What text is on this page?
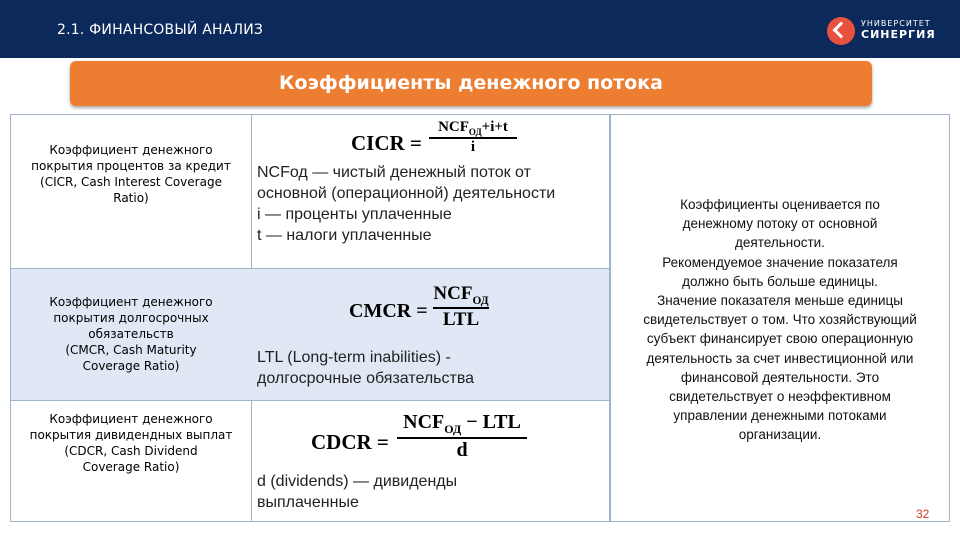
2.1. ФИНАНСОВЫЙ АНАЛИЗ	УНИВЕРСИТЕТ
СИНЕРГИЯ
Коэффициенты денежного потока
Коэффициент денежного
покрытия процентов за кредит
(CICR, Cash Interest Coverage
Ratio)
CICR =
$NCF_{ОД}+i+t$
i
NCFод — чистый денежный поток от
основной (операционной) деятельности
i — проценты уплаченные
t — налоги уплаченные
Коэффициент денежного
покрытия долгосрочных
обязательств
(CMCR, Cash Maturity
Coverage Ratio)
CMCR =
$NCF_{ОД}$
LTL
LTL (Long-term inabilities) -
долгосрочные обязательства
Коэффициент денежного
покрытия дивидендных выплат
(CDCR, Cash Dividend
Coverage Ratio)
CDCR =
$NCF_{ОД}$ − LTL
d
d (dividends) — дивиденды
выплаченные
Коэффициенты оценивается по
денежному потоку от основной
деятельности.
Рекомендуемое значение показателя
должно быть больше единицы.
Значение показателя меньше единицы
свидетельствует о том. Что хозяйствующий
субъект финансирует свою операционную
деятельность за счет инвестиционной или
финансовой деятельности. Это
свидетельствует о неэффективном
управлении денежными потоками
организации.
32
